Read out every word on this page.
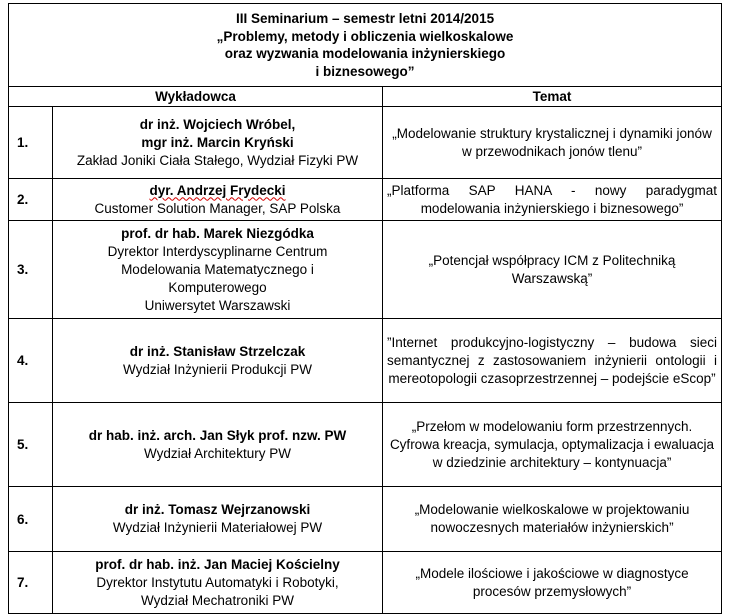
III Seminarium – semestr letni 2014/2015
„Problemy, metody i obliczenia wielkoskalowe
oraz wyzwania modelowania inżynierskiego
i biznesowego”		

Wykładowca		Temat
1.	dr inż. Wojciech Wróbel,
mgr inż. Marcin Kryński
Zakład Joniki Ciała Stałego, Wydział Fizyki PW	„Modelowanie struktury krystalicznej i dynamiki jonów w przewodnikach jonów tlenu”
2.	dyr. Andrzej Frydecki
Customer Solution Manager, SAP Polska	„Platforma SAP HANA - nowy paradygmat modelowania inżynierskiego i biznesowego”
3.	prof. dr hab. Marek Niezgódka
Dyrektor Interdyscyplinarne Centrum
Modelowania Matematycznego i
Komputerowego
Uniwersytet Warszawski	„Potencjał współpracy ICM z Politechniką Warszawską”
4.	dr inż. Stanisław Strzelczak
Wydział Inżynierii Produkcji PW	”Internet produkcyjno-logistyczny – budowa sieci semantycznej z zastosowaniem inżynierii ontologii i mereotopologii czasoprzestrzennej – podejście eScop”
5.	dr hab. inż. arch. Jan Słyk prof. nzw. PW
Wydział Architektury PW	„Przełom w modelowaniu form przestrzennych. Cyfrowa kreacja, symulacja, optymalizacja i ewaluacja w dziedzinie architektury – kontynuacja”
6.	dr inż. Tomasz Wejrzanowski
Wydział Inżynierii Materiałowej PW	„Modelowanie wielkoskalowe w projektowaniu nowoczesnych materiałów inżynierskich”
7.	prof. dr hab. inż. Jan Maciej Kościelny
Dyrektor Instytutu Automatyki i Robotyki,
Wydział Mechatroniki PW	„Modele ilościowe i jakościowe w diagnostyce procesów przemysłowych”
